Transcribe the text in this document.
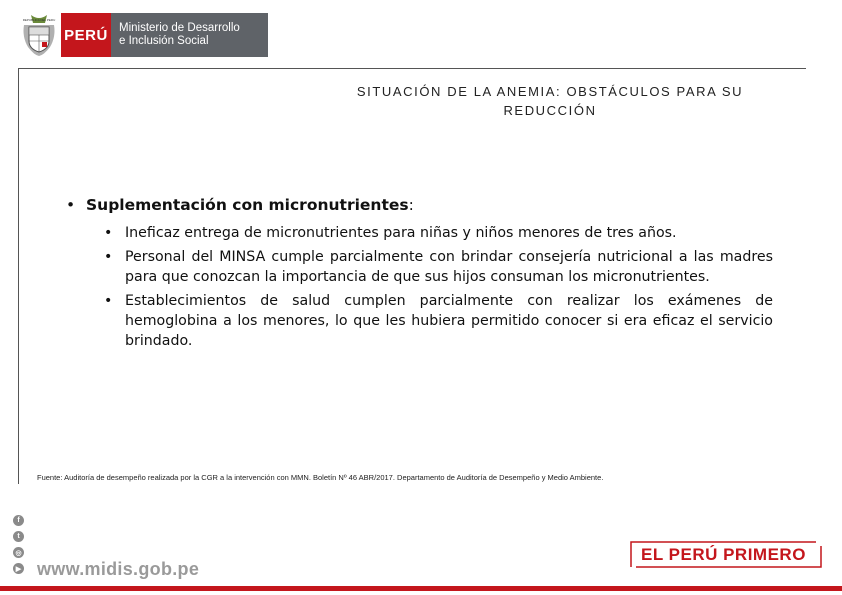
REPUBLICA DEL PERU
PERÚ Ministerio de Desarrollo
e Inclusión Social
SITUACIÓN DE LA ANEMIA: OBSTÁCULOS PARA SU
REDUCCIÓN
• Suplementación con micronutrientes:
• Ineficaz entrega de micronutrientes para niñas y niños menores de tres años.
• Personal del MINSA cumple parcialmente con brindar consejería nutricional a las madres para que conozcan la importancia de que sus hijos consuman los micronutrientes.
• Establecimientos de salud cumplen parcialmente con realizar los exámenes de hemoglobina a los menores, lo que les hubiera permitido conocer si era eficaz el servicio brindado.
Fuente: Auditoría de desempeño realizada por la CGR a la intervención con MMN. Boletín Nº 46 ABR/2017. Departamento de Auditoría de Desempeño y Medio Ambiente.
f
t
◎
▶ www.midis.gob.pe
EL PERÚ PRIMERO
